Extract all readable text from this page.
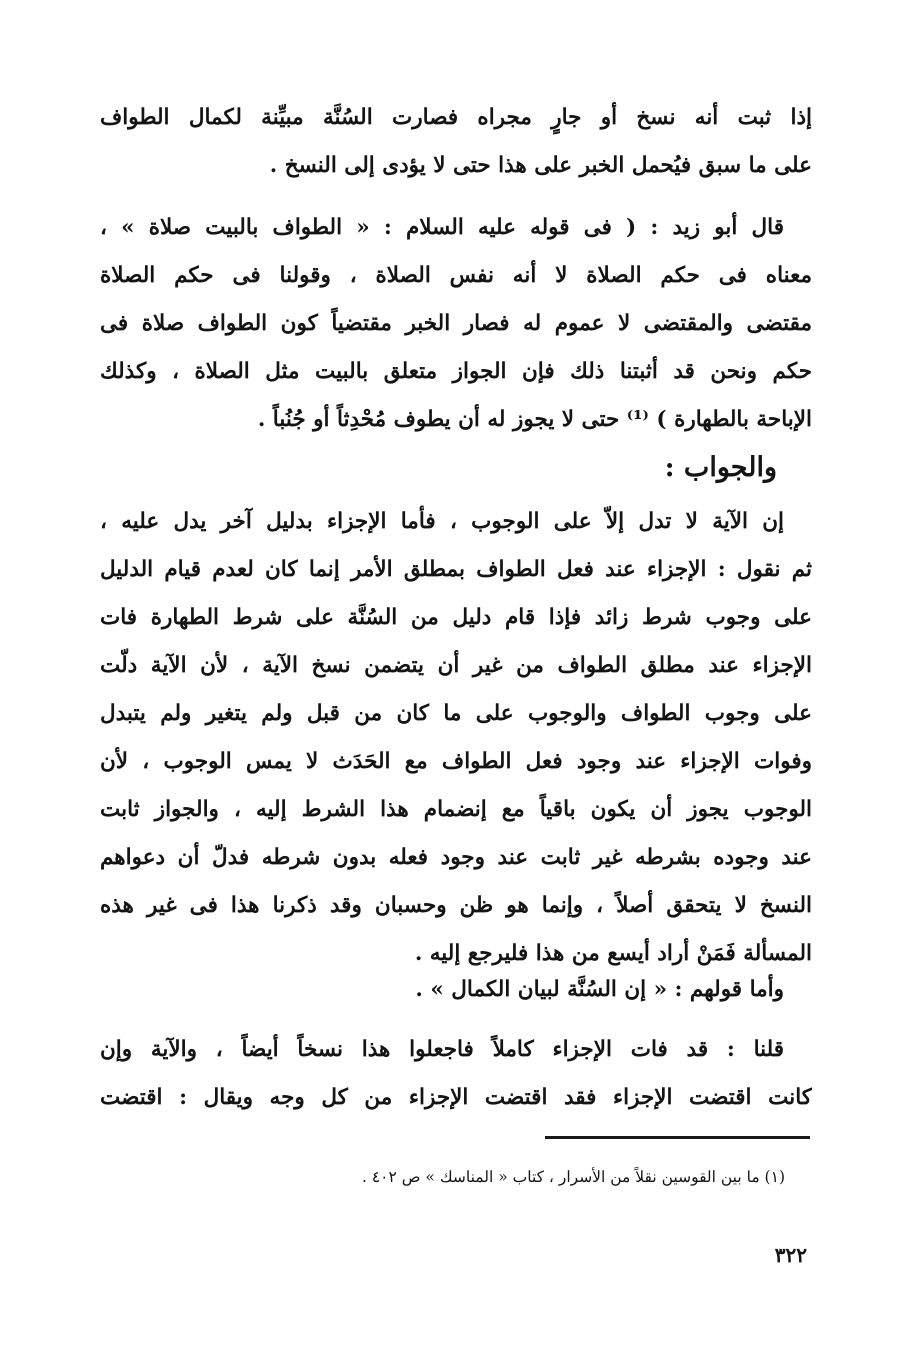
إذا ثبت أنه نسخ أو جارٍ مجراه فصارت السُنَّة مبيِّنة لكمال الطواف
على ما سبق فيُحمل الخبر على هذا حتى لا يؤدى إلى النسخ .
قال أبو زيد : ( فى قوله عليه السلام : « الطواف بالبيت صلاة » ،
معناه فى حكم الصلاة لا أنه نفس الصلاة ، وقولنا فى حكم الصلاة
مقتضى والمقتضى لا عموم له فصار الخبر مقتضياً كون الطواف صلاة فى
حكم ونحن قد أثبتنا ذلك فإن الجواز متعلق بالبيت مثل الصلاة ، وكذلك
الإباحة بالطهارة ) ⁽¹⁾ حتى لا يجوز له أن يطوف مُحْدِثاً أو جُنُباً .
والجواب :
إن الآية لا تدل إلاّ على الوجوب ، فأما الإجزاء بدليل آخر يدل عليه ،
ثم نقول : الإجزاء عند فعل الطواف بمطلق الأمر إنما كان لعدم قيام الدليل
على وجوب شرط زائد فإذا قام دليل من السُنَّة على شرط الطهارة فات
الإجزاء عند مطلق الطواف من غير أن يتضمن نسخ الآية ، لأن الآية دلّت
على وجوب الطواف والوجوب على ما كان من قبل ولم يتغير ولم يتبدل
وفوات الإجزاء عند وجود فعل الطواف مع الحَدَث لا يمس الوجوب ، لأن
الوجوب يجوز أن يكون باقياً مع إنضمام هذا الشرط إليه ، والجواز ثابت
عند وجوده بشرطه غير ثابت عند وجود فعله بدون شرطه فدلّ أن دعواهم
النسخ لا يتحقق أصلاً ، وإنما هو ظن وحسبان وقد ذكرنا هذا فى غير هذه
المسألة فَمَنْ أراد أيسع من هذا فليرجع إليه .
وأما قولهم : « إن السُنَّة لبيان الكمال » .
قلنا : قد فات الإجزاء كاملاً فاجعلوا هذا نسخاً أيضاً ، والآية وإن
كانت اقتضت الإجزاء فقد اقتضت الإجزاء من كل وجه ويقال : اقتضت
(١) ما بين القوسين نقلاً من الأسرار ، كتاب « المناسك » ص ٤٠٢ .
٣٢٢
